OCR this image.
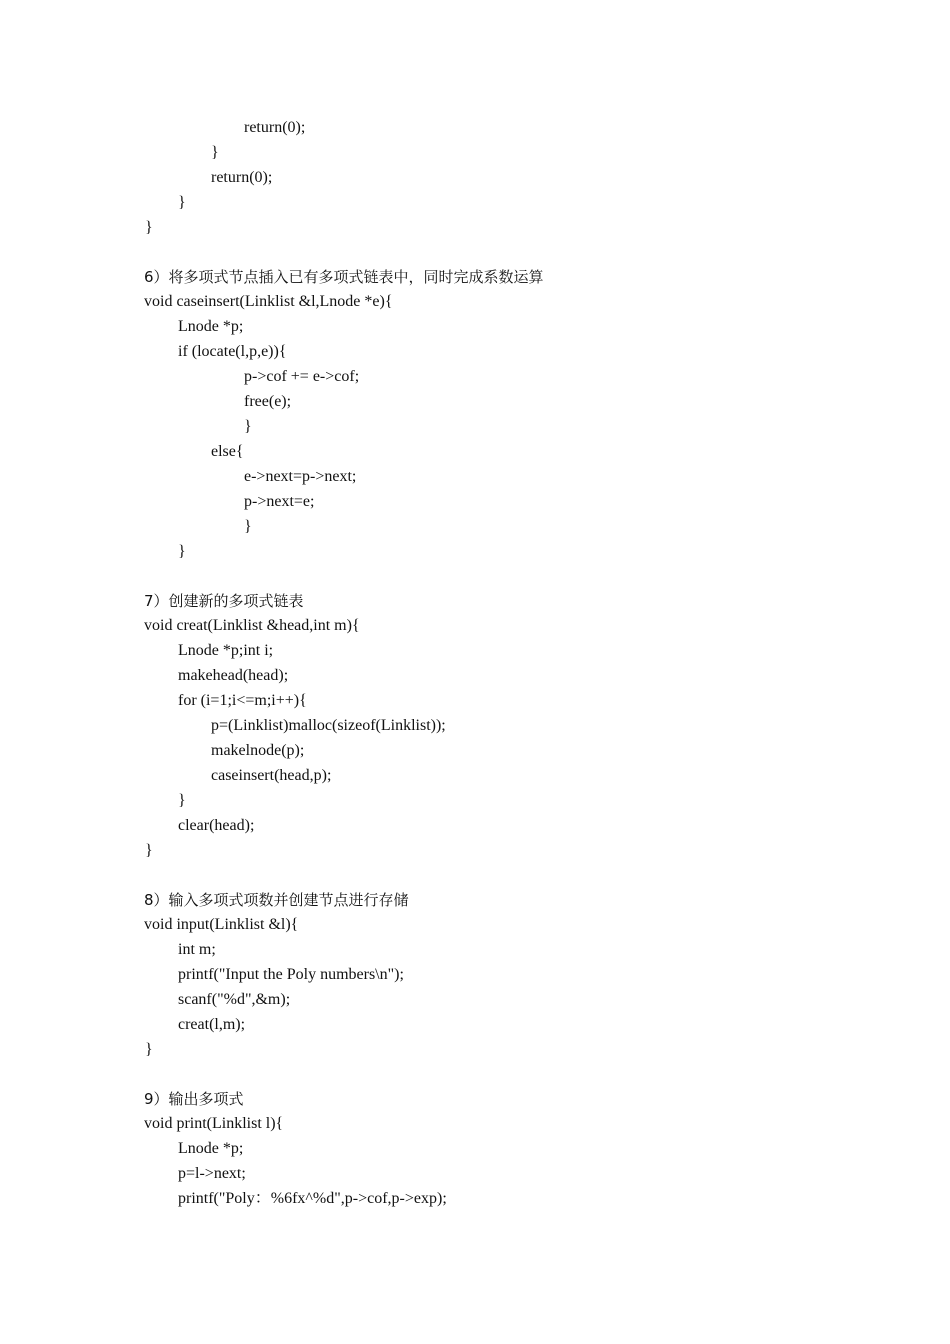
return(0);
}
return(0);
}
}
6）将多项式节点插入已有多项式链表中，同时完成系数运算
void caseinsert(Linklist &l,Lnode *e){
Lnode *p;
if (locate(l,p,e)){
p->cof += e->cof;
free(e);
}
else{
e->next=p->next;
p->next=e;
}
}
7）创建新的多项式链表
void creat(Linklist &head,int m){
Lnode *p;int i;
makehead(head);
for (i=1;i<=m;i++){
p=(Linklist)malloc(sizeof(Linklist));
makelnode(p);
caseinsert(head,p);
}
clear(head);
}
8）输入多项式项数并创建节点进行存储
void input(Linklist &l){
int m;
printf("Input the Poly numbers\n");
scanf("%d",&m);
creat(l,m);
}
9）输出多项式
void print(Linklist l){
Lnode *p;
p=l->next;
printf("Poly：%6fx^%d",p->cof,p->exp);
